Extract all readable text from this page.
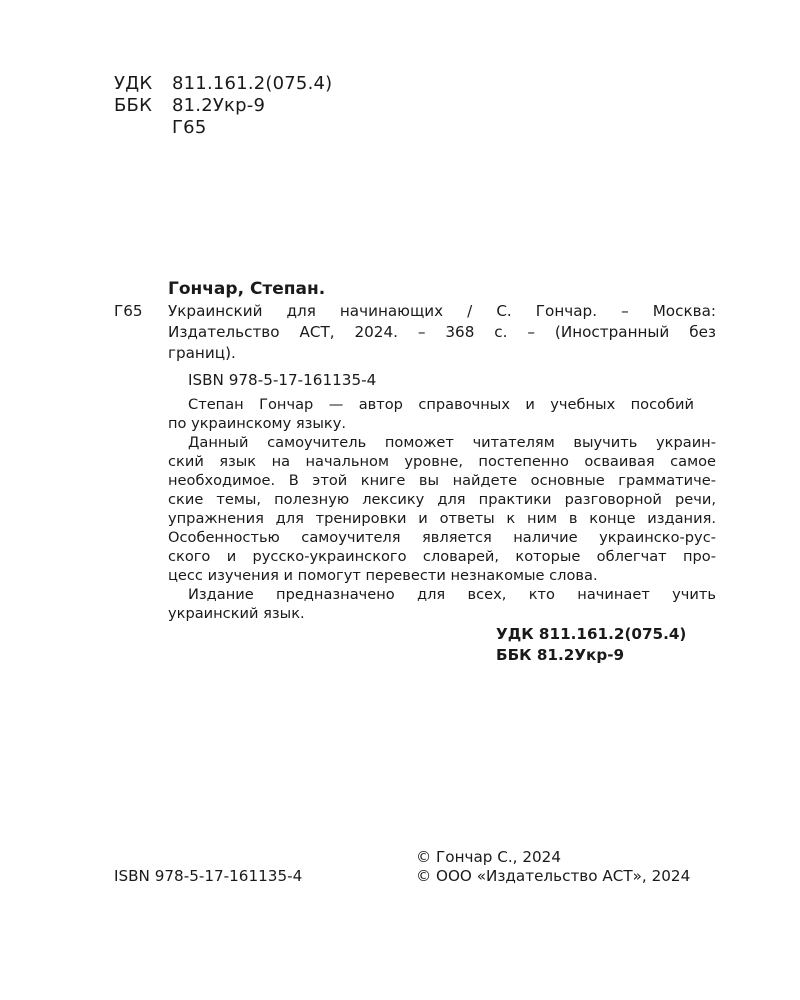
УДК 811.161.2(075.4)
ББК 81.2Укр-9
Г65
Гончар, Степан.
Г65 Украинский для начинающих / С. Гончар. – Москва:
Издательство АСТ, 2024. – 368 с. – (Иностранный без
границ).
ISBN 978-5-17-161135-4
Степан Гончар — автор справочных и учебных пособий
по украинскому языку.
Данный самоучитель поможет читателям выучить украин-
ский язык на начальном уровне, постепенно осваивая самое
необходимое. В этой книге вы найдете основные грамматиче-
ские темы, полезную лексику для практики разговорной речи,
упражнения для тренировки и ответы к ним в конце издания.
Особенностью самоучителя является наличие украинско-рус-
ского и русско-украинского словарей, которые облегчат про-
цесс изучения и помогут перевести незнакомые слова.
Издание предназначено для всех, кто начинает учить
украинский язык.
УДК 811.161.2(075.4)
ББК 81.2Укр-9
© Гончар С., 2024
ISBN 978-5-17-161135-4	© ООО «Издательство АСТ», 2024
